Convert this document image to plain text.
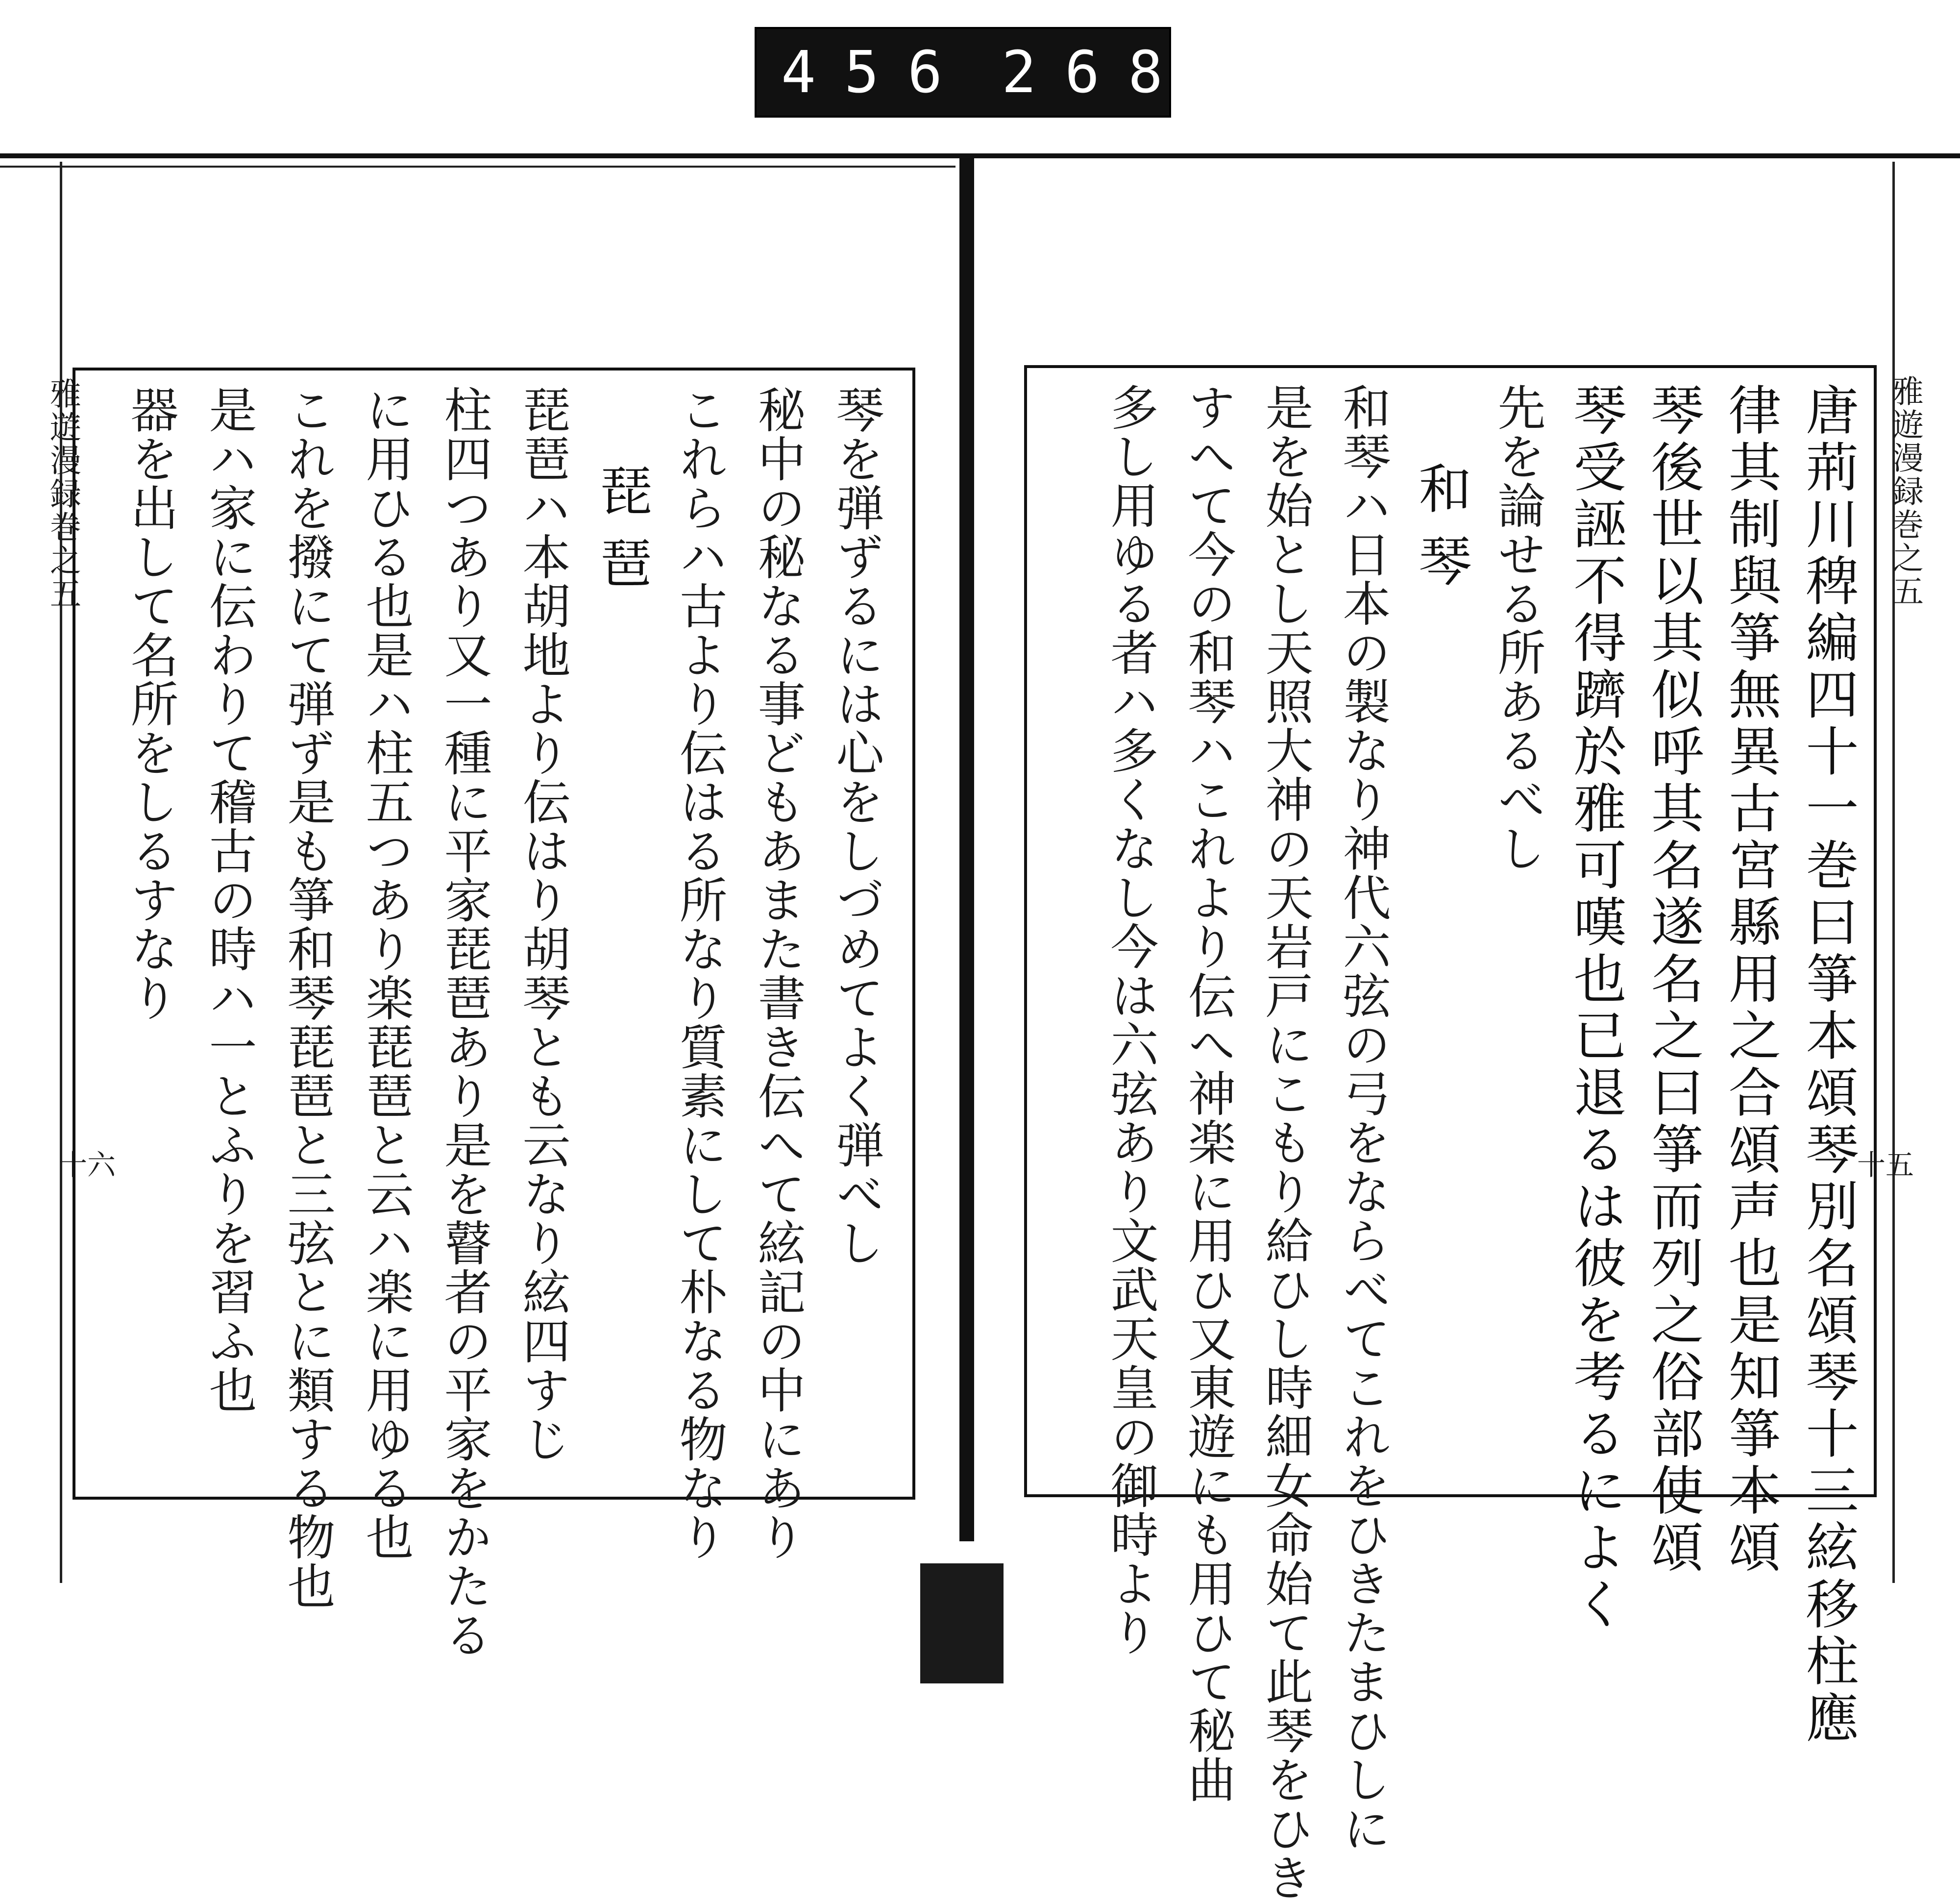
456 268.
雅遊漫録巻之五
雅遊漫録巻之五
十五
十六	唐荊川稗編四十一巻曰箏本頌琴別名頌琴十三絃移柱應
律其制與箏無異古宮縣用之合頌声也是知箏本頌
琴後世以其似呼其名遂名之曰箏而列之俗部使頌
琴受誣不得躋於雅可嘆也已退るは彼を考るによく
先を論せる所あるべし
和琴
和琴ハ日本の製なり神代六弦の弓をならべてこれをひきたまひしに
是を始とし天照大神の天岩戸にこもり給ひし時細女命始て此琴をひき
すへて今の和琴ハこれより伝へ神楽に用ひ又東遊にも用ひて秘曲
多し用ゆる者ハ多くなし今は六弦あり文武天皇の御時より
琴を弾ずるには心をしづめてよく弾べし
秘中の秘なる事どもあまた書き伝へて絃記の中にあり
これらハ古より伝はる所なり質素にして朴なる物なり
琵琶
琵琶ハ本胡地より伝はり胡琴とも云なり絃四すじ
柱四つあり又一種に平家琵琶あり是を瞽者の平家をかたる
に用ひる也是ハ柱五つあり楽琵琶と云ハ楽に用ゆる也
これを撥にて弾ず是も箏和琴琵琶と三弦とに類する物也
是ハ家に伝わりて稽古の時ハ一とふりを習ふ也
器を出して名所をしるすなり
